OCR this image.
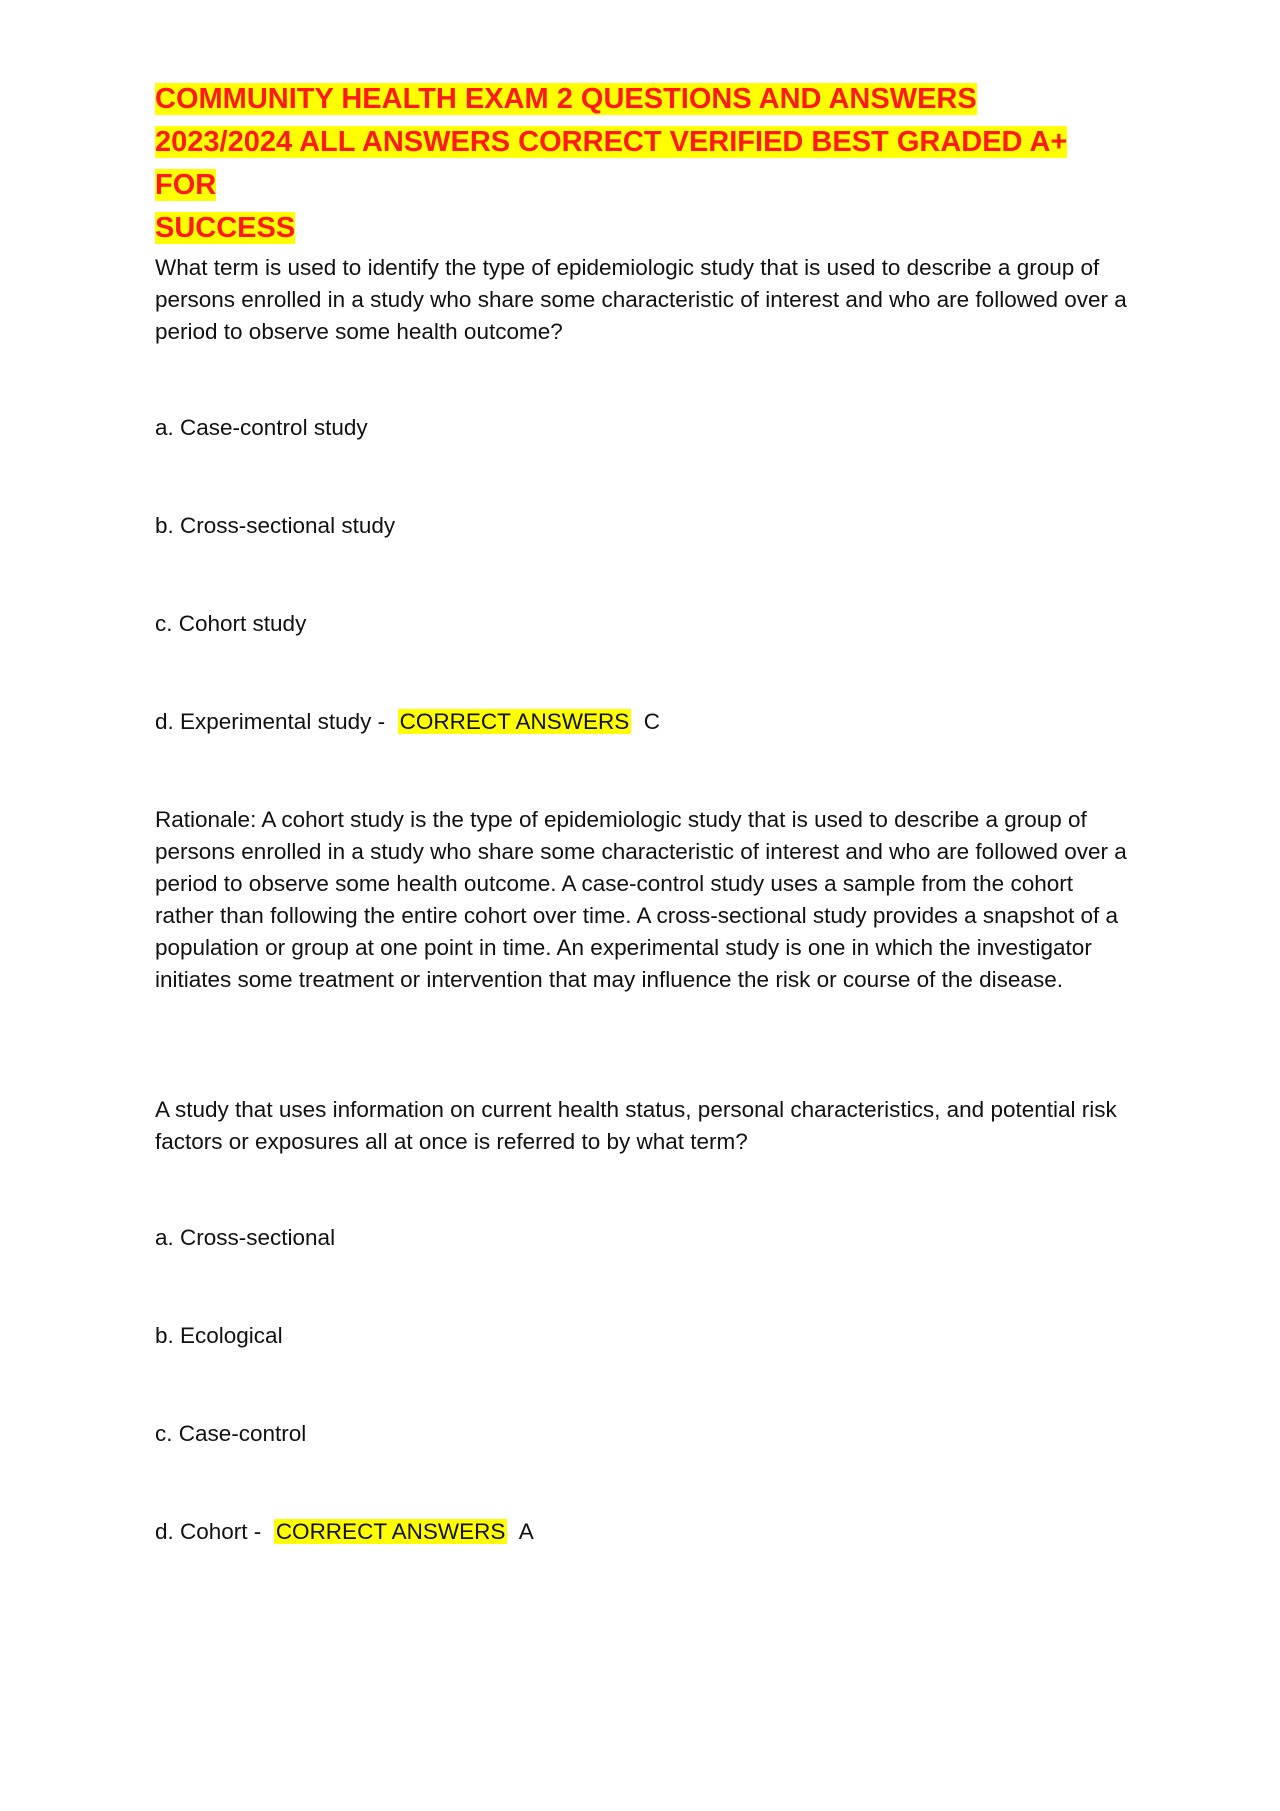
COMMUNITY HEALTH EXAM 2 QUESTIONS AND ANSWERS
2023/2024 ALL ANSWERS CORRECT VERIFIED BEST GRADED A+ FOR
SUCCESS

What term is used to identify the type of epidemiologic study that is used to describe a group of persons enrolled in a study who share some characteristic of interest and who are followed over a period to observe some health outcome?

a. Case-control study

b. Cross-sectional study

c. Cohort study

d. Experimental study - CORRECT ANSWERS C

Rationale: A cohort study is the type of epidemiologic study that is used to describe a group of persons enrolled in a study who share some characteristic of interest and who are followed over a period to observe some health outcome. A case-control study uses a sample from the cohort rather than following the entire cohort over time. A cross-sectional study provides a snapshot of a population or group at one point in time. An experimental study is one in which the investigator initiates some treatment or intervention that may influence the risk or course of the disease.

A study that uses information on current health status, personal characteristics, and potential risk factors or exposures all at once is referred to by what term?

a. Cross-sectional

b. Ecological

c. Case-control

d. Cohort - CORRECT ANSWERS A
